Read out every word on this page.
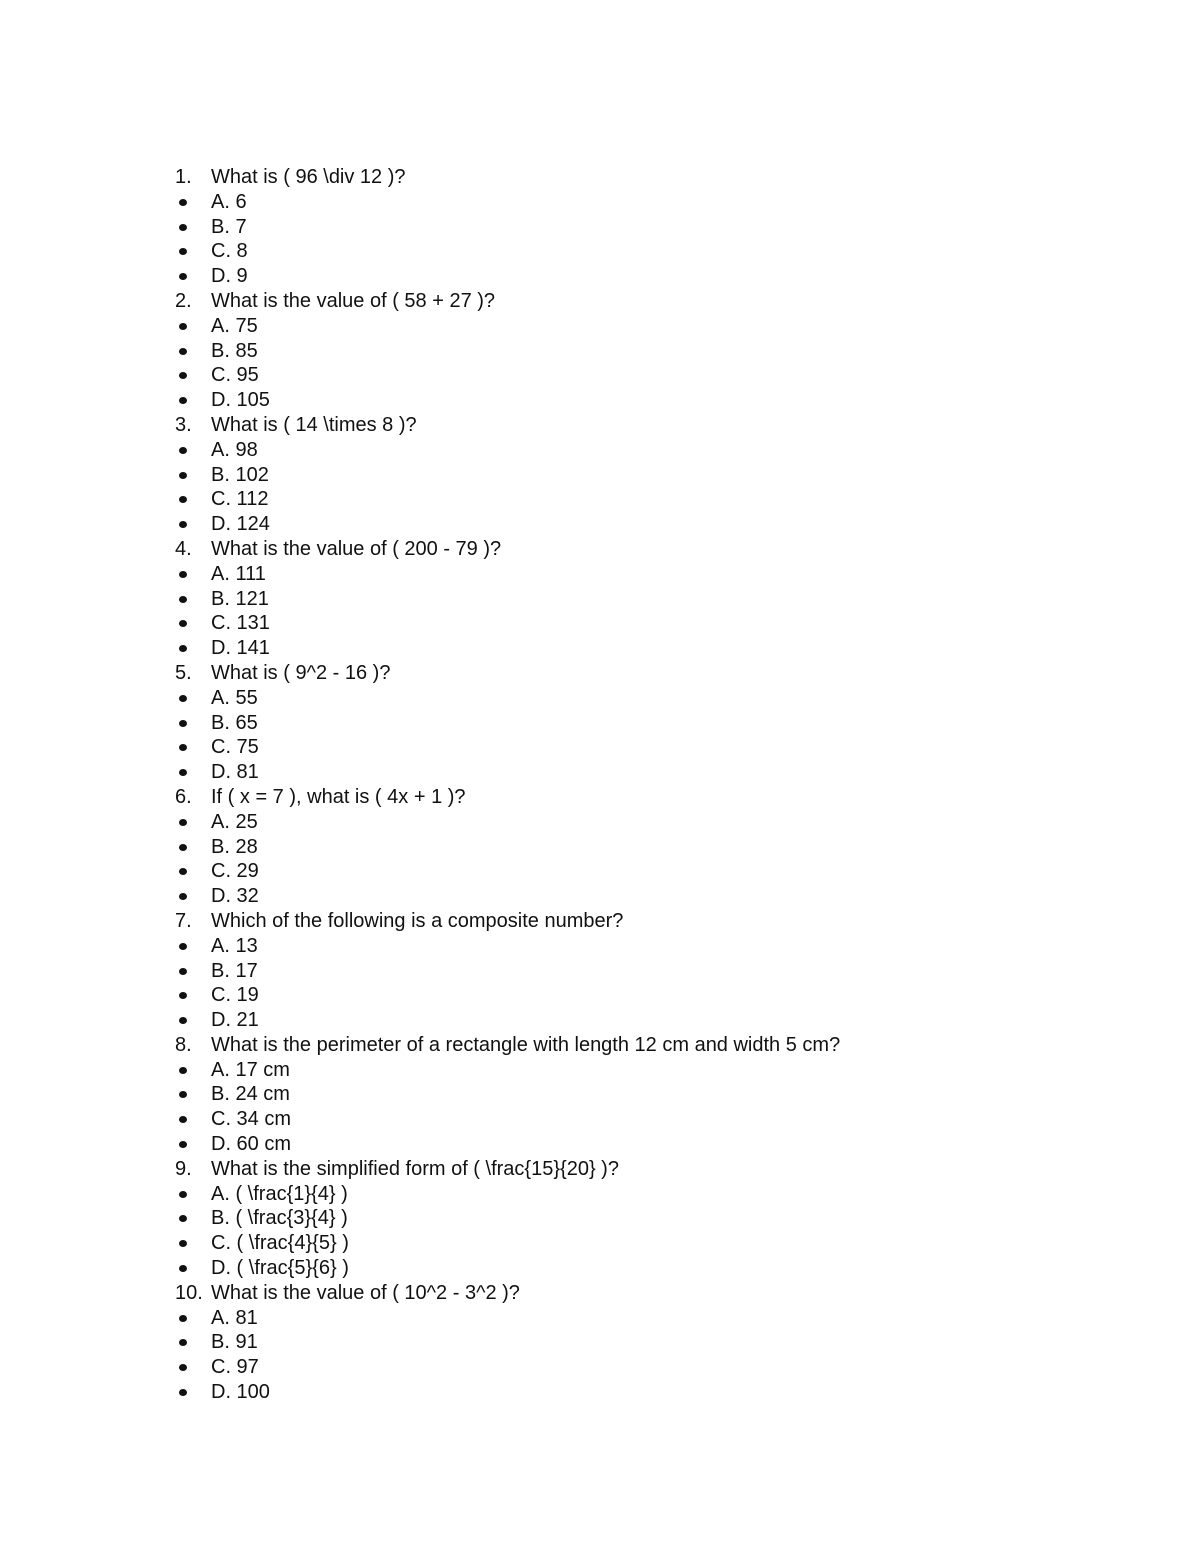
1. What is ( 96 \div 12 )?
A. 6
B. 7
C. 8
D. 9
2. What is the value of ( 58 + 27 )?
A. 75
B. 85
C. 95
D. 105
3. What is ( 14 \times 8 )?
A. 98
B. 102
C. 112
D. 124
4. What is the value of ( 200 - 79 )?
A. 111
B. 121
C. 131
D. 141
5. What is ( 9^2 - 16 )?
A. 55
B. 65
C. 75
D. 81
6. If ( x = 7 ), what is ( 4x + 1 )?
A. 25
B. 28
C. 29
D. 32
7. Which of the following is a composite number?
A. 13
B. 17
C. 19
D. 21
8. What is the perimeter of a rectangle with length 12 cm and width 5 cm?
A. 17 cm
B. 24 cm
C. 34 cm
D. 60 cm
9. What is the simplified form of ( \frac{15}{20} )?
A. ( \frac{1}{4} )
B. ( \frac{3}{4} )
C. ( \frac{4}{5} )
D. ( \frac{5}{6} )
10. What is the value of ( 10^2 - 3^2 )?
A. 81
B. 91
C. 97
D. 100
